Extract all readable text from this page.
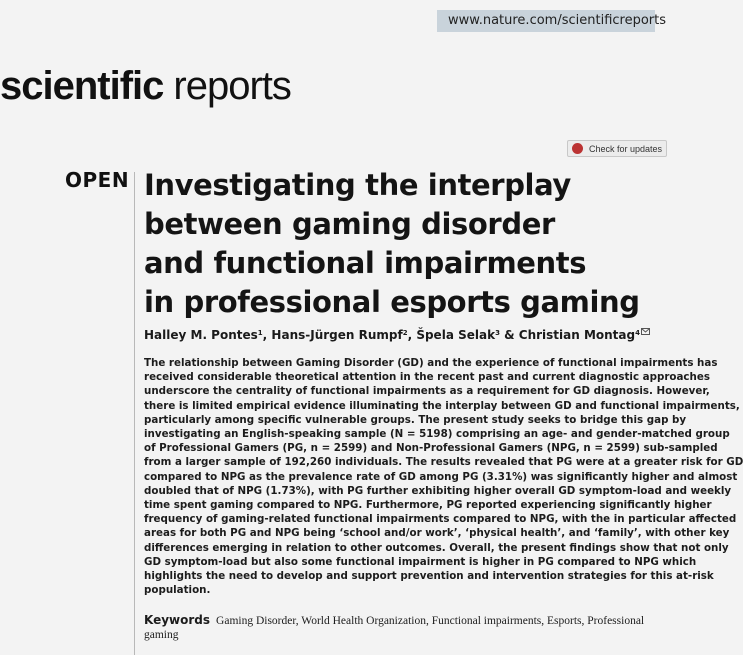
www.nature.com/scientificreports
scientific reports
Check for updates
OPEN Investigating the interplay
between gaming disorder
and functional impairments
in professional esports gaming
Halley M. Pontes$^1$, Hans-Jürgen Rumpf$^2$, Špela Selak$^3$ & Christian Montag$^4$
The relationship between Gaming Disorder (GD) and the experience of functional impairments has
received considerable theoretical attention in the recent past and current diagnostic approaches
underscore the centrality of functional impairments as a requirement for GD diagnosis. However,
there is limited empirical evidence illuminating the interplay between GD and functional impairments,
particularly among specific vulnerable groups. The present study seeks to bridge this gap by
investigating an English-speaking sample (N = 5198) comprising an age- and gender-matched group
of Professional Gamers (PG, n = 2599) and Non-Professional Gamers (NPG, n = 2599) sub-sampled
from a larger sample of 192,260 individuals. The results revealed that PG were at a greater risk for GD
compared to NPG as the prevalence rate of GD among PG (3.31%) was significantly higher and almost
doubled that of NPG (1.73%), with PG further exhibiting higher overall GD symptom-load and weekly
time spent gaming compared to NPG. Furthermore, PG reported experiencing significantly higher
frequency of gaming-related functional impairments compared to NPG, with the in particular affected
areas for both PG and NPG being ‘school and/or work’, ‘physical health’, and ‘family’, with other key
differences emerging in relation to other outcomes. Overall, the present findings show that not only
GD symptom-load but also some functional impairment is higher in PG compared to NPG which
highlights the need to develop and support prevention and intervention strategies for this at-risk
population.
Keywords Gaming Disorder, World Health Organization, Functional impairments, Esports, Professional gaming
